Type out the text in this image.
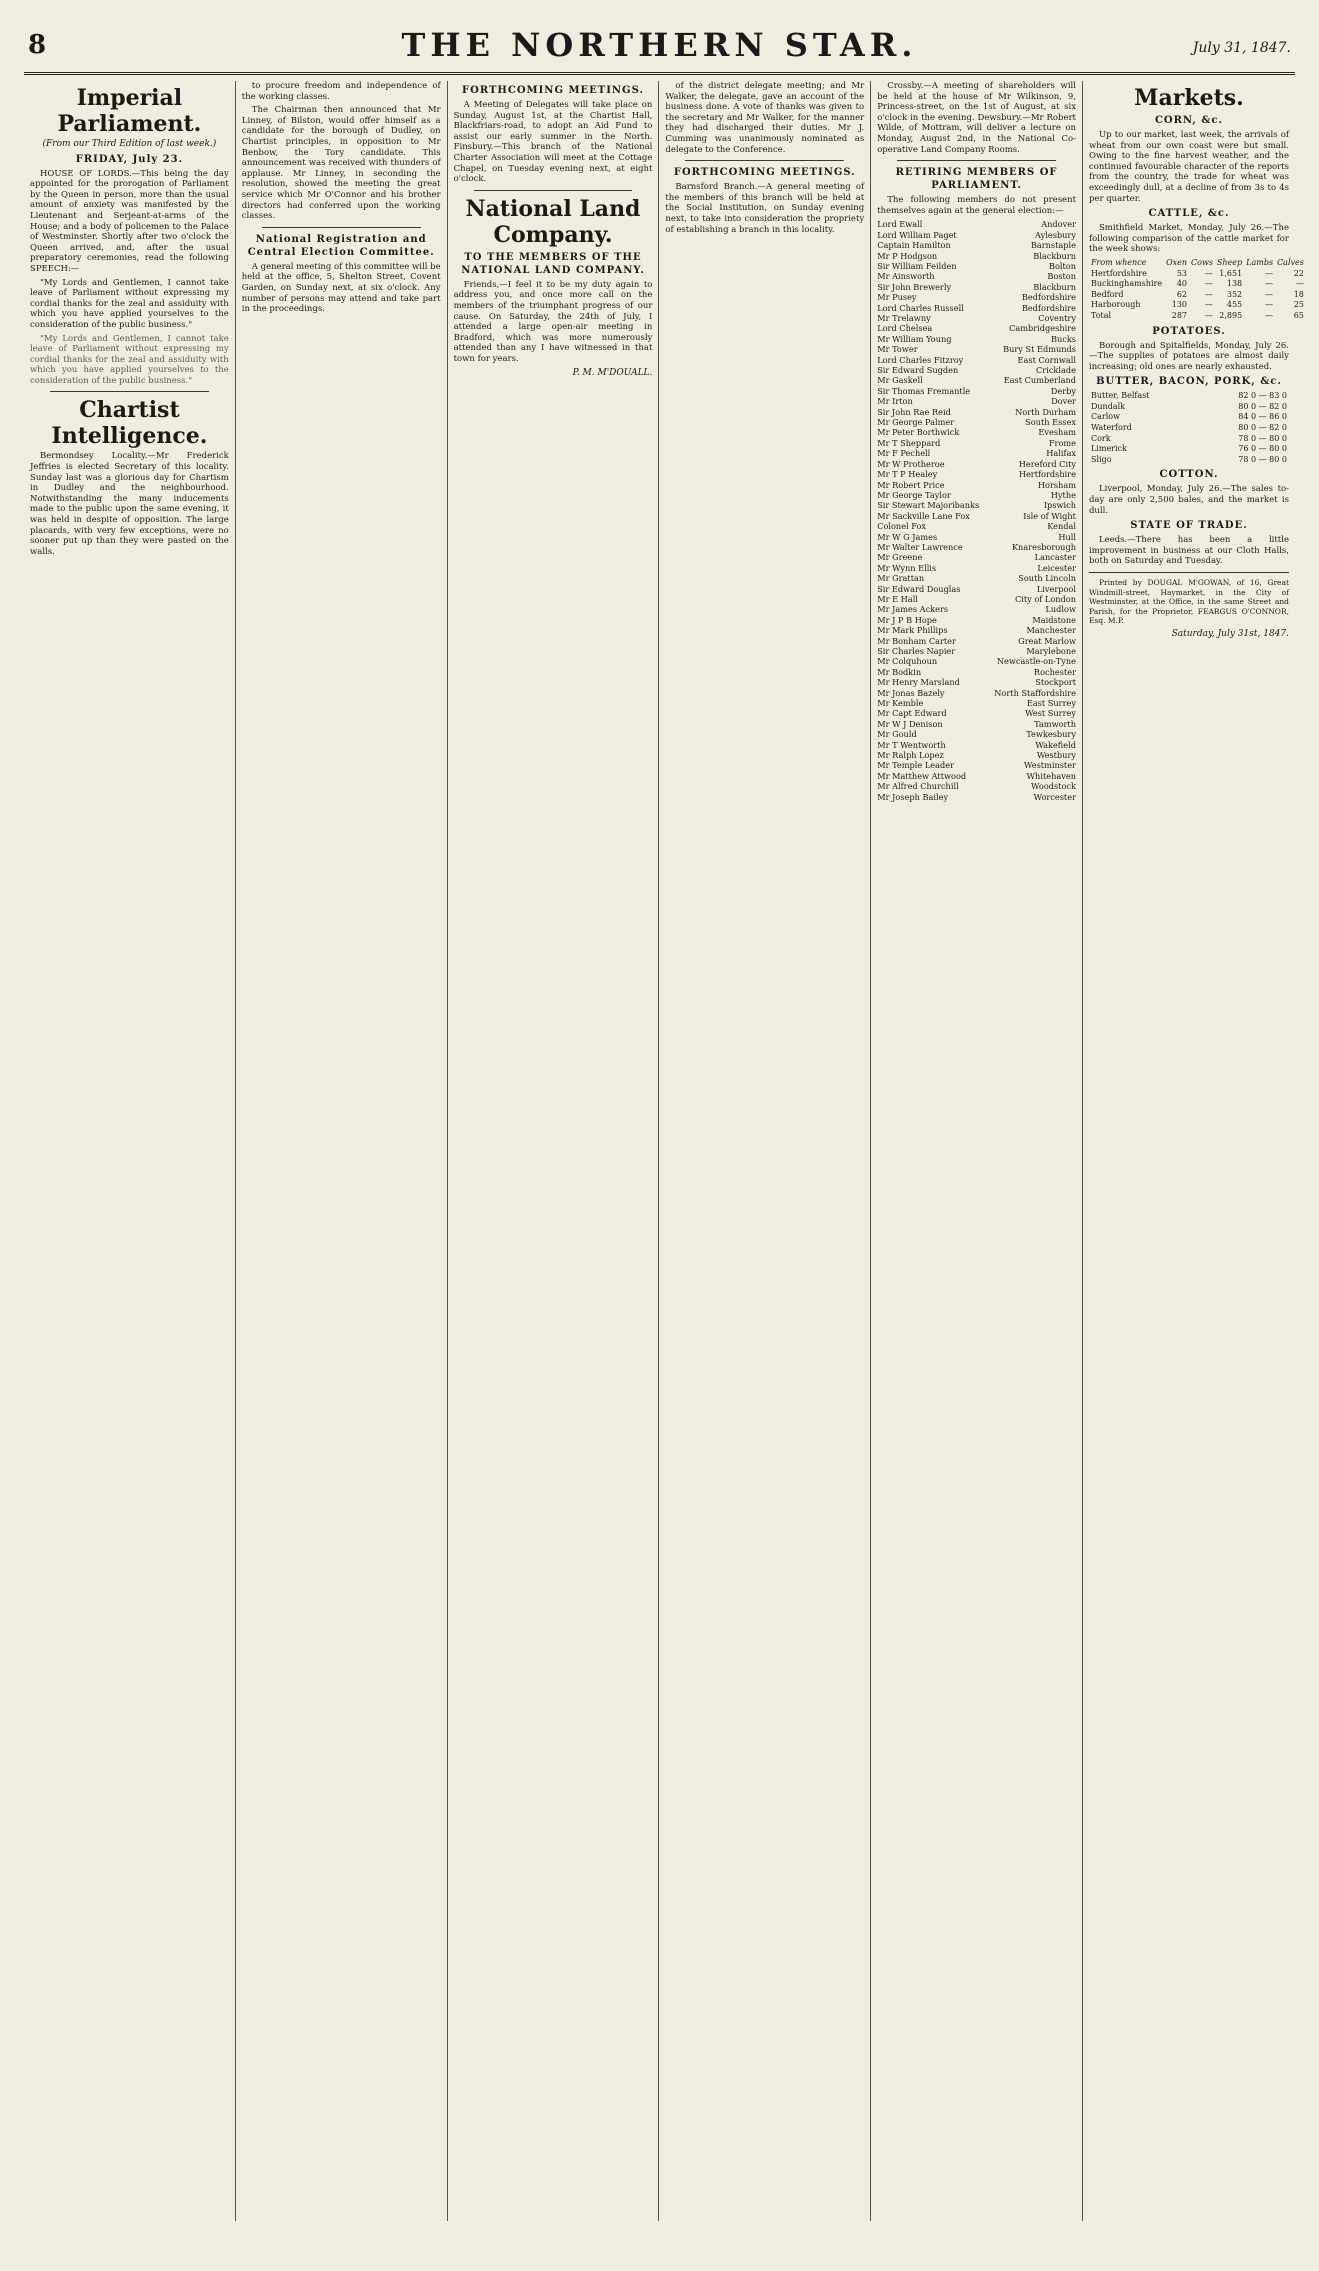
8	THE NORTHERN STAR.	July 31, 1847.
Imperial Parliament.
(From our Third Edition of last week.)
FRIDAY, July 23.

HOUSE OF LORDS.—This being the day appointed for the prorogation of Parliament by the Queen in person, more than the usual amount of anxiety was manifested by the Lieutenant and Serjeant-at-arms of the House; and a body of policemen to the Palace of Westminster. Shortly after two o'clock the Queen arrived, and, after the usual preparatory ceremonies, read the following SPEECH:—

"My Lords and Gentlemen, I cannot take leave of Parliament without expressing my cordial thanks for the zeal and assiduity with which you have applied yourselves to the consideration of the public business."

"My Lords and Gentlemen, I cannot take leave of Parliament without expressing my cordial thanks for the zeal and assiduity with which you have applied yourselves to the consideration of the public business."

Chartist Intelligence.

Bermondsey Locality.—Mr Frederick Jeffries is elected Secretary of this locality. Sunday last was a glorious day for Chartism in Dudley and the neighbourhood. Notwithstanding the many inducements made to the public upon the same evening, it was held in despite of opposition. The large placards, with very few exceptions, were no sooner put up than they were pasted on the walls.

to procure freedom and independence of the working classes.

The Chairman then announced that Mr Linney, of Bilston, would offer himself as a candidate for the borough of Dudley, on Chartist principles, in opposition to Mr Benbow, the Tory candidate. This announcement was received with thunders of applause. Mr Linney, in seconding the resolution, showed the meeting the great service which Mr O'Connor and his brother directors had conferred upon the working classes.

National Registration and Central Election Committee.

A general meeting of this committee will be held at the office, 5, Shelton Street, Covent Garden, on Sunday next, at six o'clock. Any number of persons may attend and take part in the proceedings.

FORTHCOMING MEETINGS.

A Meeting of Delegates will take place on Sunday, August 1st, at the Chartist Hall, Blackfriars-road, to adopt an Aid Fund to assist our early summer in the North. Finsbury.—This branch of the National Charter Association will meet at the Cottage Chapel, on Tuesday evening next, at eight o'clock.

National Land Company.
TO THE MEMBERS OF THE NATIONAL LAND COMPANY.

Friends,—I feel it to be my duty again to address you, and once more call on the members of the triumphant progress of our cause. On Saturday, the 24th of July, I attended a large open-air meeting in Bradford, which was more numerously attended than any I have witnessed in that town for years.

P. M. M'DOUALL.

of the district delegate meeting; and Mr Walker, the delegate, gave an account of the business done. A vote of thanks was given to the secretary and Mr Walker, for the manner they had discharged their duties. Mr J. Cumming was unanimously nominated as delegate to the Conference.

FORTHCOMING MEETINGS.

Barnsford Branch.—A general meeting of the members of this branch will be held at the Social Institution, on Sunday evening next, to take into consideration the propriety of establishing a branch in this locality.

Crossby.—A meeting of shareholders will be held at the house of Mr Wilkinson, 9, Princess-street, on the 1st of August, at six o'clock in the evening. Dewsbury.—Mr Robert Wilde, of Mottram, will deliver a lecture on Monday, August 2nd, in the National Co-operative Land Company Rooms.

RETIRING MEMBERS OF PARLIAMENT.

The following members do not present themselves again at the general election:—

Lord Ewall	Andover
Lord William Paget	Aylesbury
Captain Hamilton	Barnstaple
Mr P Hodgson	Blackburn
Sir William Feilden	Bolton
Mr Ainsworth	Boston
Sir John Brewerly	Blackburn
Mr Pusey	Bedfordshire
Lord Charles Russell	Bedfordshire
Mr Trelawny	Coventry
Lord Chelsea	Cambridgeshire
Mr William Young	Bucks
Mr Tower	Bury St Edmunds
Lord Charles Fitzroy	East Cornwall
Sir Edward Sugden	Cricklade
Mr Gaskell	East Cumberland
Sir Thomas Fremantle	Derby
Mr Irton	Dover
Sir John Rae Reid	North Durham
Mr George Palmer	South Essex
Mr Peter Borthwick	Evesham
Mr T Sheppard	Frome
Mr F Pechell	Halifax
Mr W Protheroe	Hereford City
Mr T P Healey	Hertfordshire
Mr Robert Price	Horsham
Mr George Taylor	Hythe
Sir Stewart Majoribanks	Ipswich
Mr Sackville Lane Fox	Isle of Wight
Colonel Fox	Kendal
Mr W G James	Hull
Mr Walter Lawrence	Knaresborough
Mr Greene	Lancaster
Mr Wynn Ellis	Leicester
Mr Grattan	South Lincoln
Sir Edward Douglas	Liverpool
Mr E Hall	City of London
Mr James Ackers	Ludlow
Mr J P B Hope	Maidstone
Mr Mark Phillips	Manchester
Mr Bonham Carter	Great Marlow
Sir Charles Napier	Marylebone
Mr Colquhoun	Newcastle-on-Tyne
Mr Bodkin	Rochester
Mr Henry Marsland	Stockport
Mr Jonas Bazely	North Staffordshire
Mr Kemble	East Surrey
Mr Capt Edward	West Surrey
Mr W J Denison	Tamworth
Mr Gould	Tewkesbury
Mr T Wentworth	Wakefield
Mr Ralph Lopez	Westbury
Mr Temple Leader	Westminster
Mr Matthew Attwood	Whitehaven
Mr Alfred Churchill	Woodstock
Mr Joseph Bailey	Worcester
Markets.
CORN, &c.

Up to our market, last week, the arrivals of wheat from our own coast were but small. Owing to the fine harvest weather, and the continued favourable character of the reports from the country, the trade for wheat was exceedingly dull, at a decline of from 3s to 4s per quarter.

CATTLE, &c.

Smithfield Market, Monday, July 26.—The following comparison of the cattle market for the week shows:

From whence	Oxen	Cows	Sheep	Lambs	Calves
Hertfordshire	53	—	1,651	—	22
Buckinghamshire	40	—	138	—	—
Bedford	62	—	352	—	18
Harborough	130	—	455	—	25
Total	287	—	2,895	—	65
POTATOES.

Borough and Spitalfields, Monday, July 26.—The supplies of potatoes are almost daily increasing; old ones are nearly exhausted.

BUTTER, BACON, PORK, &c.
Butter, Belfast	82 0 — 83 0
Dundalk	80 0 — 82 0
Carlow	84 0 — 86 0
Waterford	80 0 — 82 0
Cork	78 0 — 80 0
Limerick	76 0 — 80 0
Sligo	78 0 — 80 0
COTTON.

Liverpool, Monday, July 26.—The sales to-day are only 2,500 bales, and the market is dull.

STATE OF TRADE.

Leeds.—There has been a little improvement in business at our Cloth Halls, both on Saturday and Tuesday.

Printed by DOUGAL M'GOWAN, of 16, Great Windmill-street, Haymarket, in the City of Westminster, at the Office, in the same Street and Parish, for the Proprietor, FEARGUS O'CONNOR, Esq. M.P.

Saturday, July 31st, 1847.
